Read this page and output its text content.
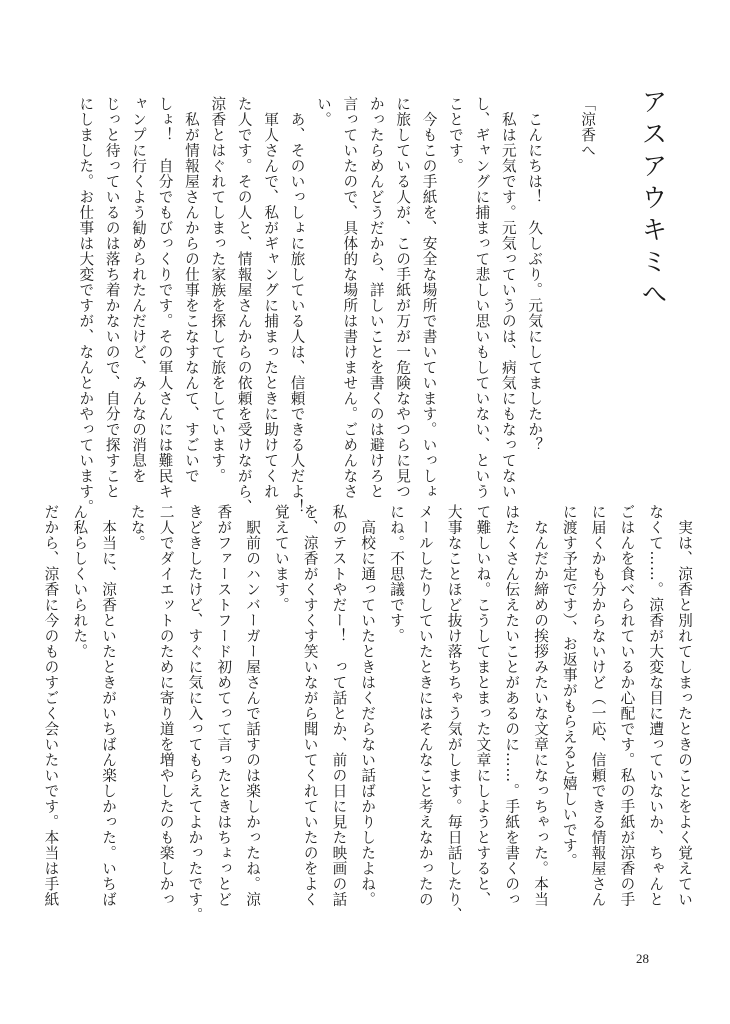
アスアウキミへ
「涼香へ

　こんにちは！　久しぶり。元気にしてましたか？
　私は元気です。元気っていうのは、病気にもなってない
し、ギャングに捕まって悲しい思いもしていない、という
ことです。
　今もこの手紙を、安全な場所で書いています。いっしょ
に旅している人が、この手紙が万が一危険なやつらに見つ
かったらめんどうだから、詳しいことを書くのは避けろと
言っていたので、具体的な場所は書けません。ごめんなさ
い。
　あ、そのいっしょに旅している人は、信頼できる人だよ！
　軍人さんで、私がギャングに捕まったときに助けてくれ
た人です。その人と、情報屋さんからの依頼を受けながら、
涼香とはぐれてしまった家族を探して旅をしています。
　私が情報屋さんからの仕事をこなすなんて、すごいで
しょ！　自分でもびっくりです。その軍人さんには難民キ
ャンプに行くよう勧められたんだけど、みんなの消息を
じっと待っているのは落ち着かないので、自分で探すこと
にしました。お仕事は大変ですが、なんとかやっています。
　実は、涼香と別れてしまったときのことをよく覚えてい
なくて……。涼香が大変な目に遭っていないか、ちゃんと
ごはんを食べられているか心配です。私の手紙が涼香の手
に届くかも分からないけど（一応、信頼できる情報屋さん
に渡す予定です）、お返事がもらえると嬉しいです。
　なんだか締めの挨拶みたいな文章になっちゃった。本当
はたくさん伝えたいことがあるのに……。手紙を書くのっ
て難しいね。こうしてまとまった文章にしようとすると、
大事なことほど抜け落ちちゃう気がします。毎日話したり、
メールしたりしていたときにはそんなこと考えなかったの
にね。不思議です。
　高校に通っていたときはくだらない話ばかりしたよね。
私のテストやだー！　って話とか、前の日に見た映画の話
を、涼香がくすくす笑いながら聞いてくれていたのをよく
覚えています。
　駅前のハンバーガー屋さんで話すのは楽しかったね。涼
香がファーストフード初めてって言ったときはちょっとど
きどきしたけど、すぐに気に入ってもらえてよかったです。
二人でダイエットのために寄り道を増やしたのも楽しかっ
たな。
　本当に、涼香といたときがいちばん楽しかった。いちば
ん私らしくいられた。
だから、涼香に今のものすごく会いたいです。本当は手紙
28
